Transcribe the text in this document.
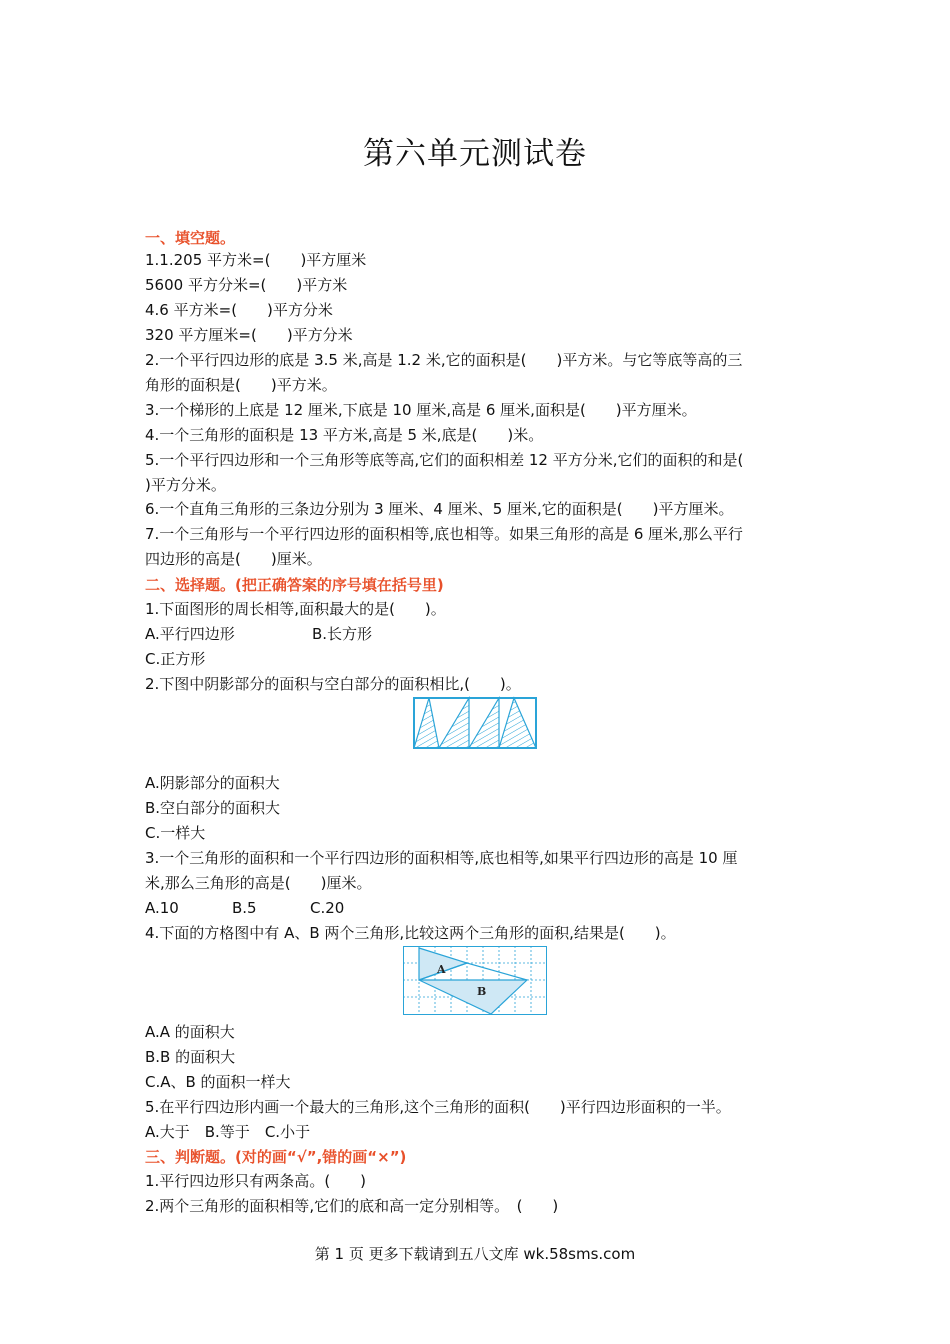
第六单元测试卷
一、填空题。
1.1.205 平方米=(　　)平方厘米
5600 平方分米=(　　)平方米
4.6 平方米=(　　)平方分米
320 平方厘米=(　　)平方分米
2.一个平行四边形的底是 3.5 米,高是 1.2 米,它的面积是(　　)平方米。与它等底等高的三
角形的面积是(　　)平方米。
3.一个梯形的上底是 12 厘米,下底是 10 厘米,高是 6 厘米,面积是(　　)平方厘米。
4.一个三角形的面积是 13 平方米,高是 5 米,底是(　　)米。
5.一个平行四边形和一个三角形等底等高,它们的面积相差 12 平方分米,它们的面积的和是(
)平方分米。
6.一个直角三角形的三条边分别为 3 厘米、4 厘米、5 厘米,它的面积是(　　)平方厘米。
7.一个三角形与一个平行四边形的面积相等,底也相等。如果三角形的高是 6 厘米,那么平行
四边形的高是(　　)厘米。
二、选择题。(把正确答案的序号填在括号里)
1.下面图形的周长相等,面积最大的是(　　)。
A.平行四边形	B.长方形
C.正方形
2.下图中阴影部分的面积与空白部分的面积相比,(　　)。
A.阴影部分的面积大
B.空白部分的面积大
C.一样大
3.一个三角形的面积和一个平行四边形的面积相等,底也相等,如果平行四边形的高是 10 厘
米,那么三角形的高是(　　)厘米。
A.10	B.5	C.20
4.下面的方格图中有 A、B 两个三角形,比较这两个三角形的面积,结果是(　　)。
A
B
A.A 的面积大
B.B 的面积大
C.A、B 的面积一样大
5.在平行四边形内画一个最大的三角形,这个三角形的面积(　　)平行四边形面积的一半。
A.大于　B.等于　C.小于
三、判断题。(对的画“√”,错的画“×”)
1.平行四边形只有两条高。(　　)
2.两个三角形的面积相等,它们的底和高一定分别相等。　(　　)
第 1 页 更多下载请到五八文库 wk.58sms.com
